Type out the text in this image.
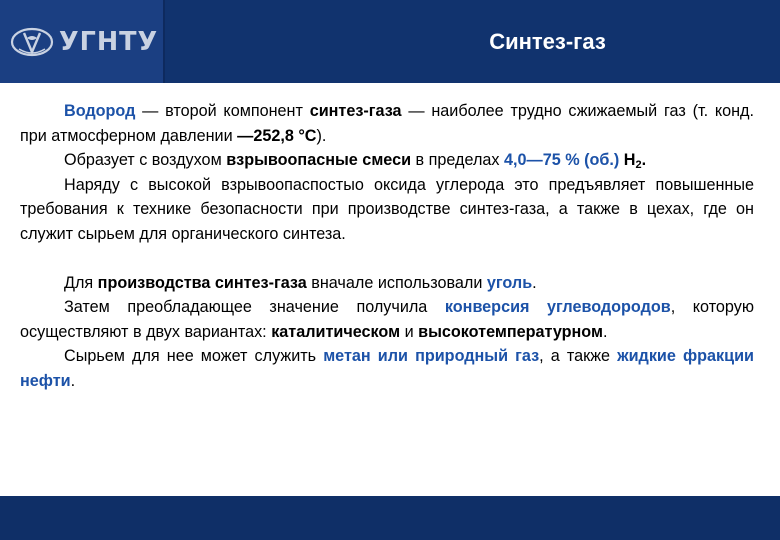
УГНТУ	Синтез-газ

Водород — второй компонент синтез-газа — наиболее трудно сжижаемый газ (т. конд. при атмосферном давлении —252,8 °С).

Образует с воздухом взрывоопасные смеси в пределах 4,0—75 % (об.) $H_2$.

Наряду с высокой взрывоопаспостыо оксида углерода это предъявляет повышенные требования к технике безопасности при производстве синтез-газа, а также в цехах, где он служит сырьем для органического синтеза.

Для производства синтез-газа вначале использовали уголь.

Затем преобладающее значение получила конверсия углеводородов, которую осуществляют в двух вариантах: каталитическом и высокотемпературном.

Сырьем для нее может служить метан или природный газ, а также жидкие фракции нефти.
